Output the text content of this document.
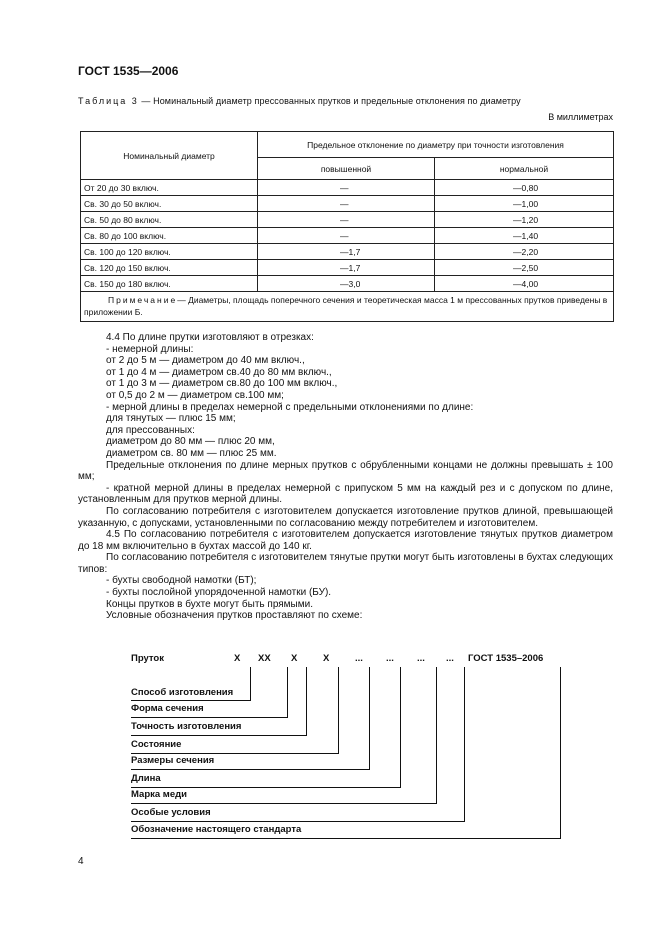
ГОСТ 1535—2006
Таблица 3 — Номинальный диаметр прессованных прутков и предельные отклонения по диаметру
В миллиметрах
Номинальный диаметр	Предельное отклонение по диаметру при точности изготовления	
	повышенной	нормальной
От 20 до 30 включ.	—	—0,80
Св. 30 до 50 включ.	—	—1,00
Св. 50 до 80 включ.	—	—1,20
Св. 80 до 100 включ.	—	—1,40
Св. 100 до 120 включ.	—1,7	—2,20
Св. 120 до 150 включ.	—1,7	—2,50
Св. 150 до 180 включ.	—3,0	—4,00
Примечание— Диаметры, площадь поперечного сечения и теоретическая масса 1 м прессованных прутков приведены в приложении Б.		

4.4 По длине прутки изготовляют в отрезках:

- немерной длины:

от 2 до 5 м — диаметром до 40 мм включ.,

от 1 до 4 м — диаметром св.40 до 80 мм включ.,

от 1 до 3 м — диаметром св.80 до 100 мм включ.,

от 0,5 до 2 м — диаметром св.100 мм;

- мерной длины в пределах немерной с предельными отклонениями по длине:

для тянутых — плюс 15 мм;

для прессованных:

диаметром до 80 мм — плюс 20 мм,

диаметром св. 80 мм — плюс 25 мм.

Предельные отклонения по длине мерных прутков с обрубленными концами не должны превышать ± 100 мм;

- кратной мерной длины в пределах немерной с припуском 5 мм на каждый рез и с допуском по длине, установленным для прутков мерной длины.

По согласованию потребителя с изготовителем допускается изготовление прутков длиной, превышающей указанную, с допусками, установленными по согласованию между потребителем и изготовителем.

4.5 По согласованию потребителя с изготовителем допускается изготовление тянутых прутков диаметром до 18 мм включительно в бухтах массой до 140 кг.

По согласованию потребителя с изготовителем тянутые прутки могут быть изготовлены в бухтах следующих типов:

- бухты свободной намотки (БТ);

- бухты послойной упорядоченной намотки (БУ).

Концы прутков в бухте могут быть прямыми.

Условные обозначения прутков проставляют по схеме:

Пруток	Х ХХ Х	Х	... ... ... ... ГОСТ 1535–2006
Способ изготовления
Форма сечения
Точность изготовления
Состояние
Размеры сечения
Длина
Марка меди
Особые условия
Обозначение настоящего стандарта
4
